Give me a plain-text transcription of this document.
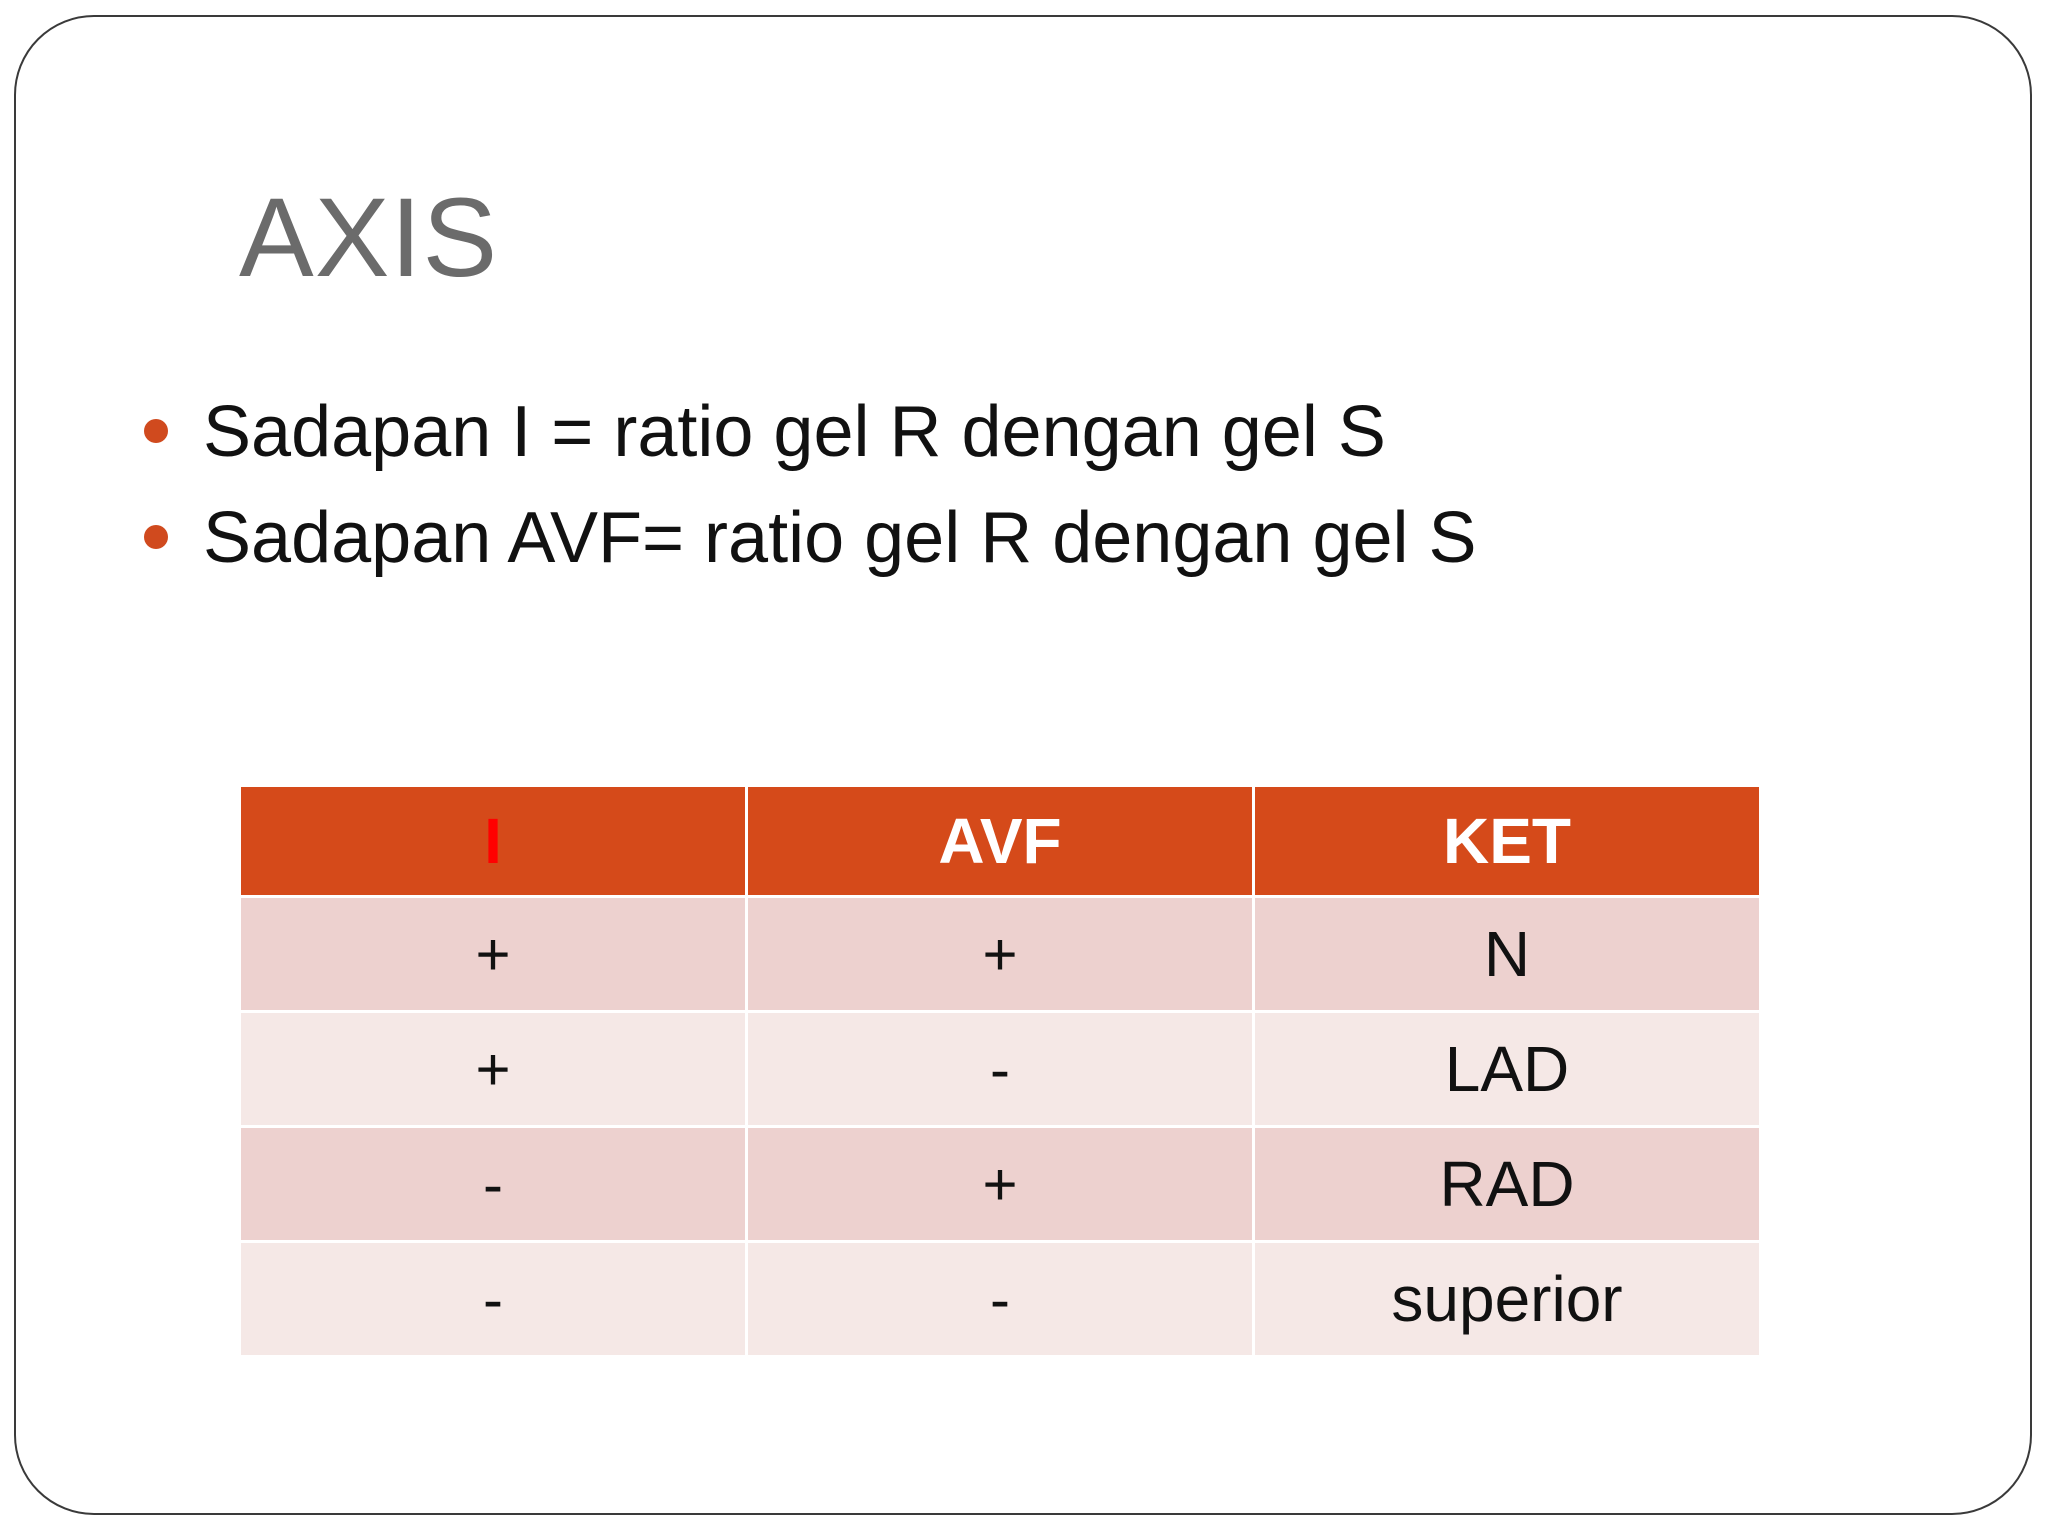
AXIS
Sadapan I = ratio gel R dengan gel S
Sadapan AVF= ratio gel R dengan gel S
I	AVF	KET
+	+	N
+	-	LAD
-	+	RAD
-	-	superior
